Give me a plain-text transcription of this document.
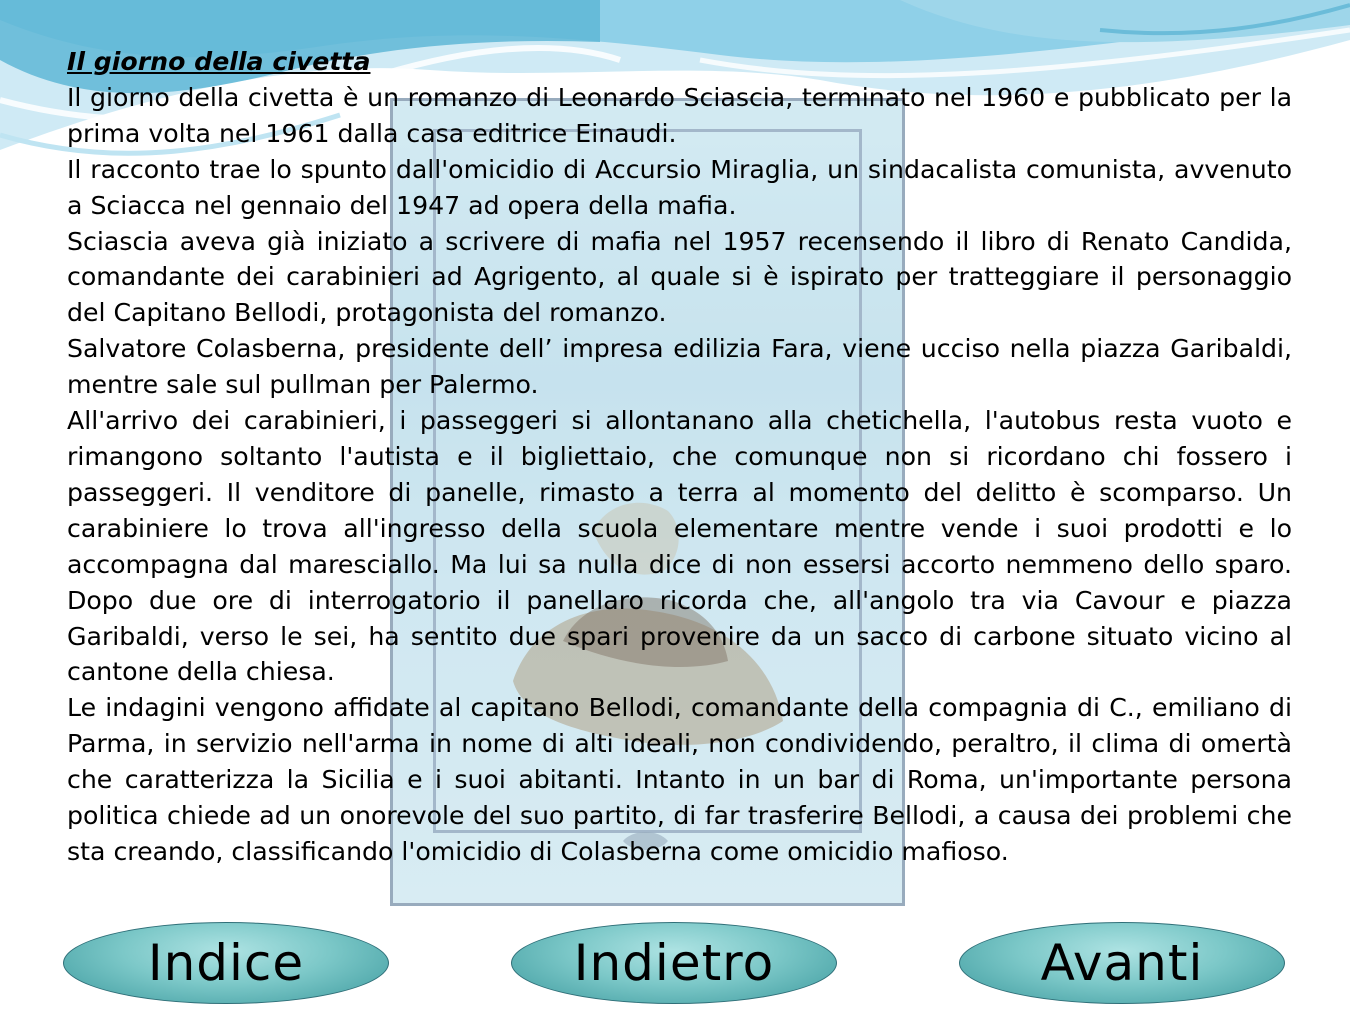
Il giorno della civetta

Il giorno della civetta è un romanzo di Leonardo Sciascia, terminato nel 1960 e pubblicato per la prima volta nel 1961 dalla casa editrice Einaudi.

Il racconto trae lo spunto dall'omicidio di Accursio Miraglia, un sindacalista comunista, avvenuto a Sciacca nel gennaio del 1947 ad opera della mafia.

Sciascia aveva già iniziato a scrivere di mafia nel 1957 recensendo il libro di Renato Candida, comandante dei carabinieri ad Agrigento, al quale si è ispirato per tratteggiare il personaggio del Capitano Bellodi, protagonista del romanzo.

Salvatore Colasberna, presidente dell’ impresa edilizia Fara, viene ucciso nella piazza Garibaldi, mentre sale sul pullman per Palermo.

All'arrivo dei carabinieri, i passeggeri si allontanano alla chetichella, l'autobus resta vuoto e rimangono soltanto l'autista e il bigliettaio, che comunque non si ricordano chi fossero i passeggeri. Il venditore di panelle, rimasto a terra al momento del delitto è scomparso. Un carabiniere lo trova all'ingresso della scuola elementare mentre vende i suoi prodotti e lo accompagna dal maresciallo. Ma lui sa nulla dice di non essersi accorto nemmeno dello sparo. Dopo due ore di interrogatorio il panellaro ricorda che, all'angolo tra via Cavour e piazza Garibaldi, verso le sei, ha sentito due spari provenire da un sacco di carbone situato vicino al cantone della chiesa.

Le indagini vengono affidate al capitano Bellodi, comandante della compagnia di C., emiliano di Parma, in servizio nell'arma in nome di alti ideali, non condividendo, peraltro, il clima di omertà che caratterizza la Sicilia e i suoi abitanti. Intanto in un bar di Roma, un'importante persona politica chiede ad un onorevole del suo partito, di far trasferire Bellodi, a causa dei problemi che sta creando, classificando l'omicidio di Colasberna come omicidio mafioso.

Indice	Indietro	Avanti
